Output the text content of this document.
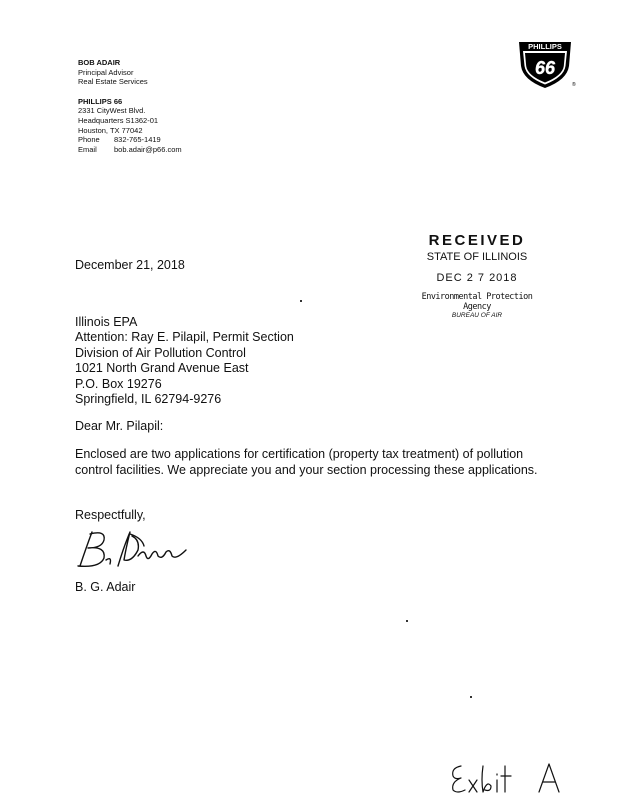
BOB ADAIR
Principal Advisor
Real Estate Services
PHILLIPS 66
2331 CityWest Blvd.
Headquarters S1362-01
Houston, TX 77042
Phone 832-765-1419
Email bob.adair@p66.com
PHILLIPS
66
®
RECEIVED
STATE OF ILLINOIS
DEC 2 7 2018
Environmental Protection Agency
BUREAU OF AIR
December 21, 2018
Illinois EPA
Attention: Ray E. Pilapil, Permit Section
Division of Air Pollution Control
1021 North Grand Avenue East
P.O. Box 19276
Springfield, IL 62794-9276
Dear Mr. Pilapil:
Enclosed are two applications for certification (property tax treatment) of pollution control facilities. We appreciate you and your section processing these applications.
Respectfully,
B. G. Adair
